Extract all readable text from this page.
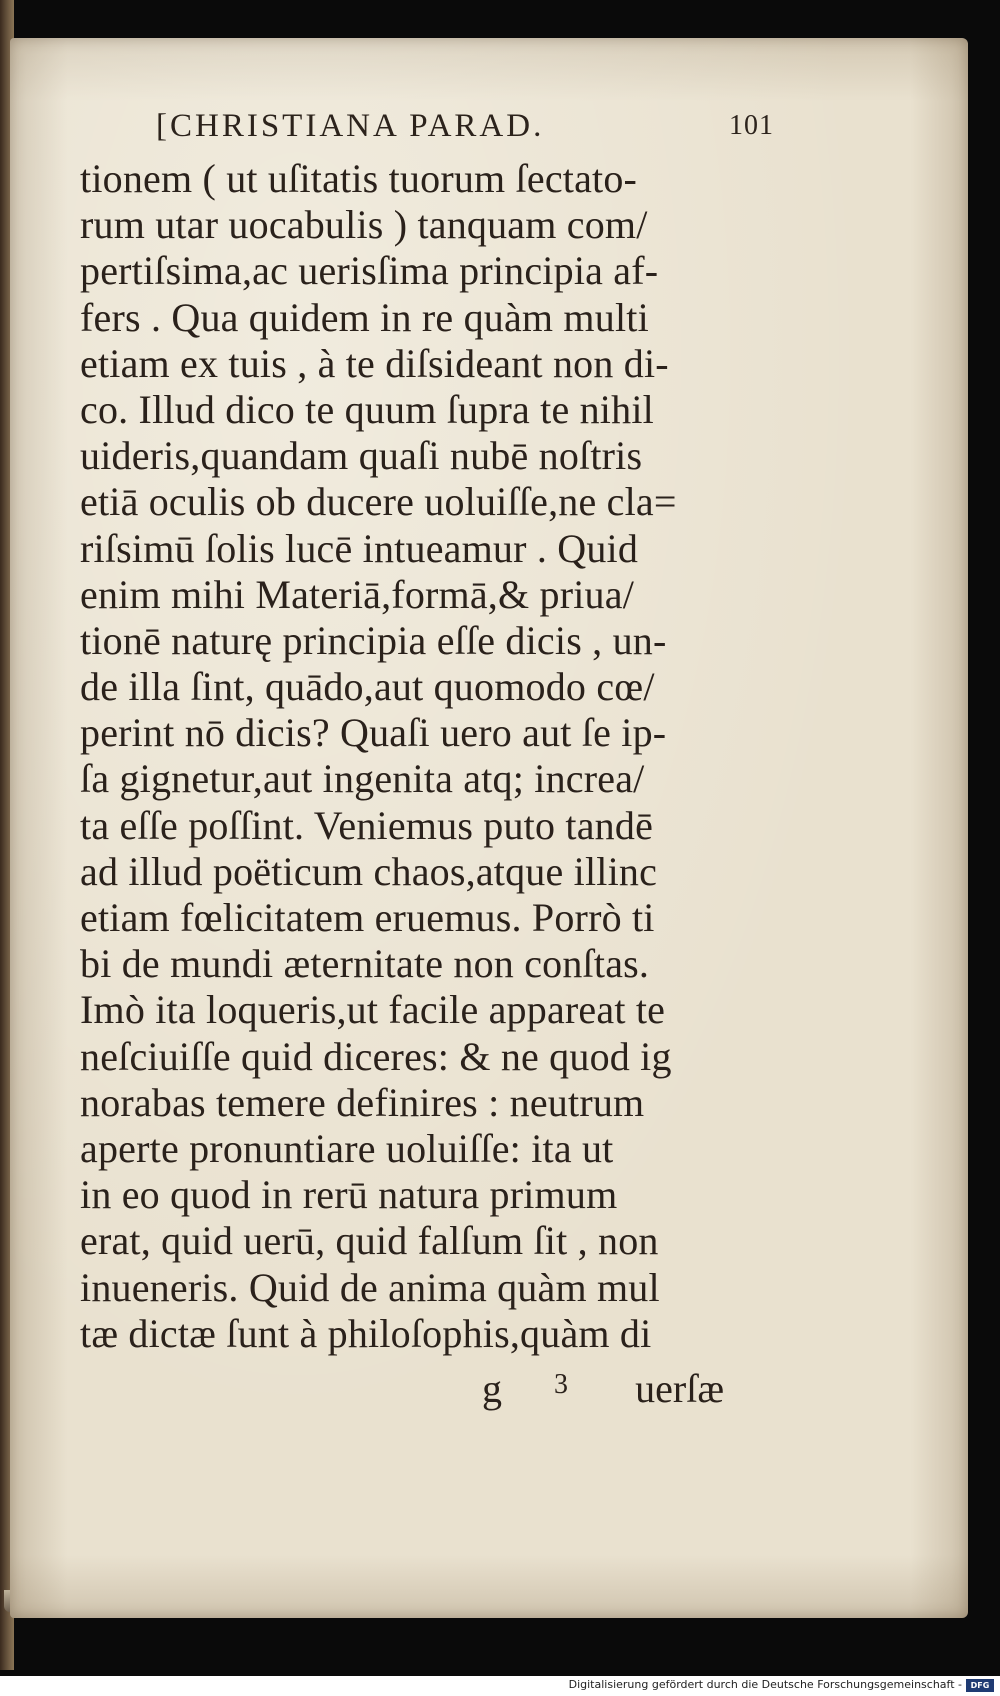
[CHRISTIANA PARAD.	101
tionem ( ut uſitatis tuorum ſectato-
rum utar uocabulis ) tanquam com/
pertiſsima,ac uerisſima principia af-
fers . Qua quidem in re quàm multi
etiam ex tuis , à te diſsideant non di-
co. Illud dico te quum ſupra te nihil
uideris,quandam quaſi nubē noſtris
etiā oculis ob ducere uoluiſſe,ne cla=
riſsimū ſolis lucē intueamur . Quid
enim mihi Materiā,formā,& priua/
tionē naturę principia eſſe dicis , un-
de illa ſint, quādo,aut quomodo cœ/
perint nō dicis? Quaſi uero aut ſe ip-
ſa gignetur,aut ingenita atq; increa/
ta eſſe poſſint. Veniemus puto tandē
ad illud poëticum chaos,atque illinc
etiam fœlicitatem eruemus. Porrò ti
bi de mundi æternitate non conſtas.
Imò ita loqueris,ut facile appareat te
neſciuiſſe quid diceres: & ne quod ig
norabas temere definires : neutrum
aperte pronuntiare uoluiſſe: ita ut
in eo quod in rerū natura primum
erat, quid uerū, quid falſum ſit , non
inueneris. Quid de anima quàm mul
tæ dictæ ſunt à philoſophis,quàm di
g 3 uerſæ
Digitalisierung gefördert durch die Deutsche Forschungsgemeinschaft -	DFG
